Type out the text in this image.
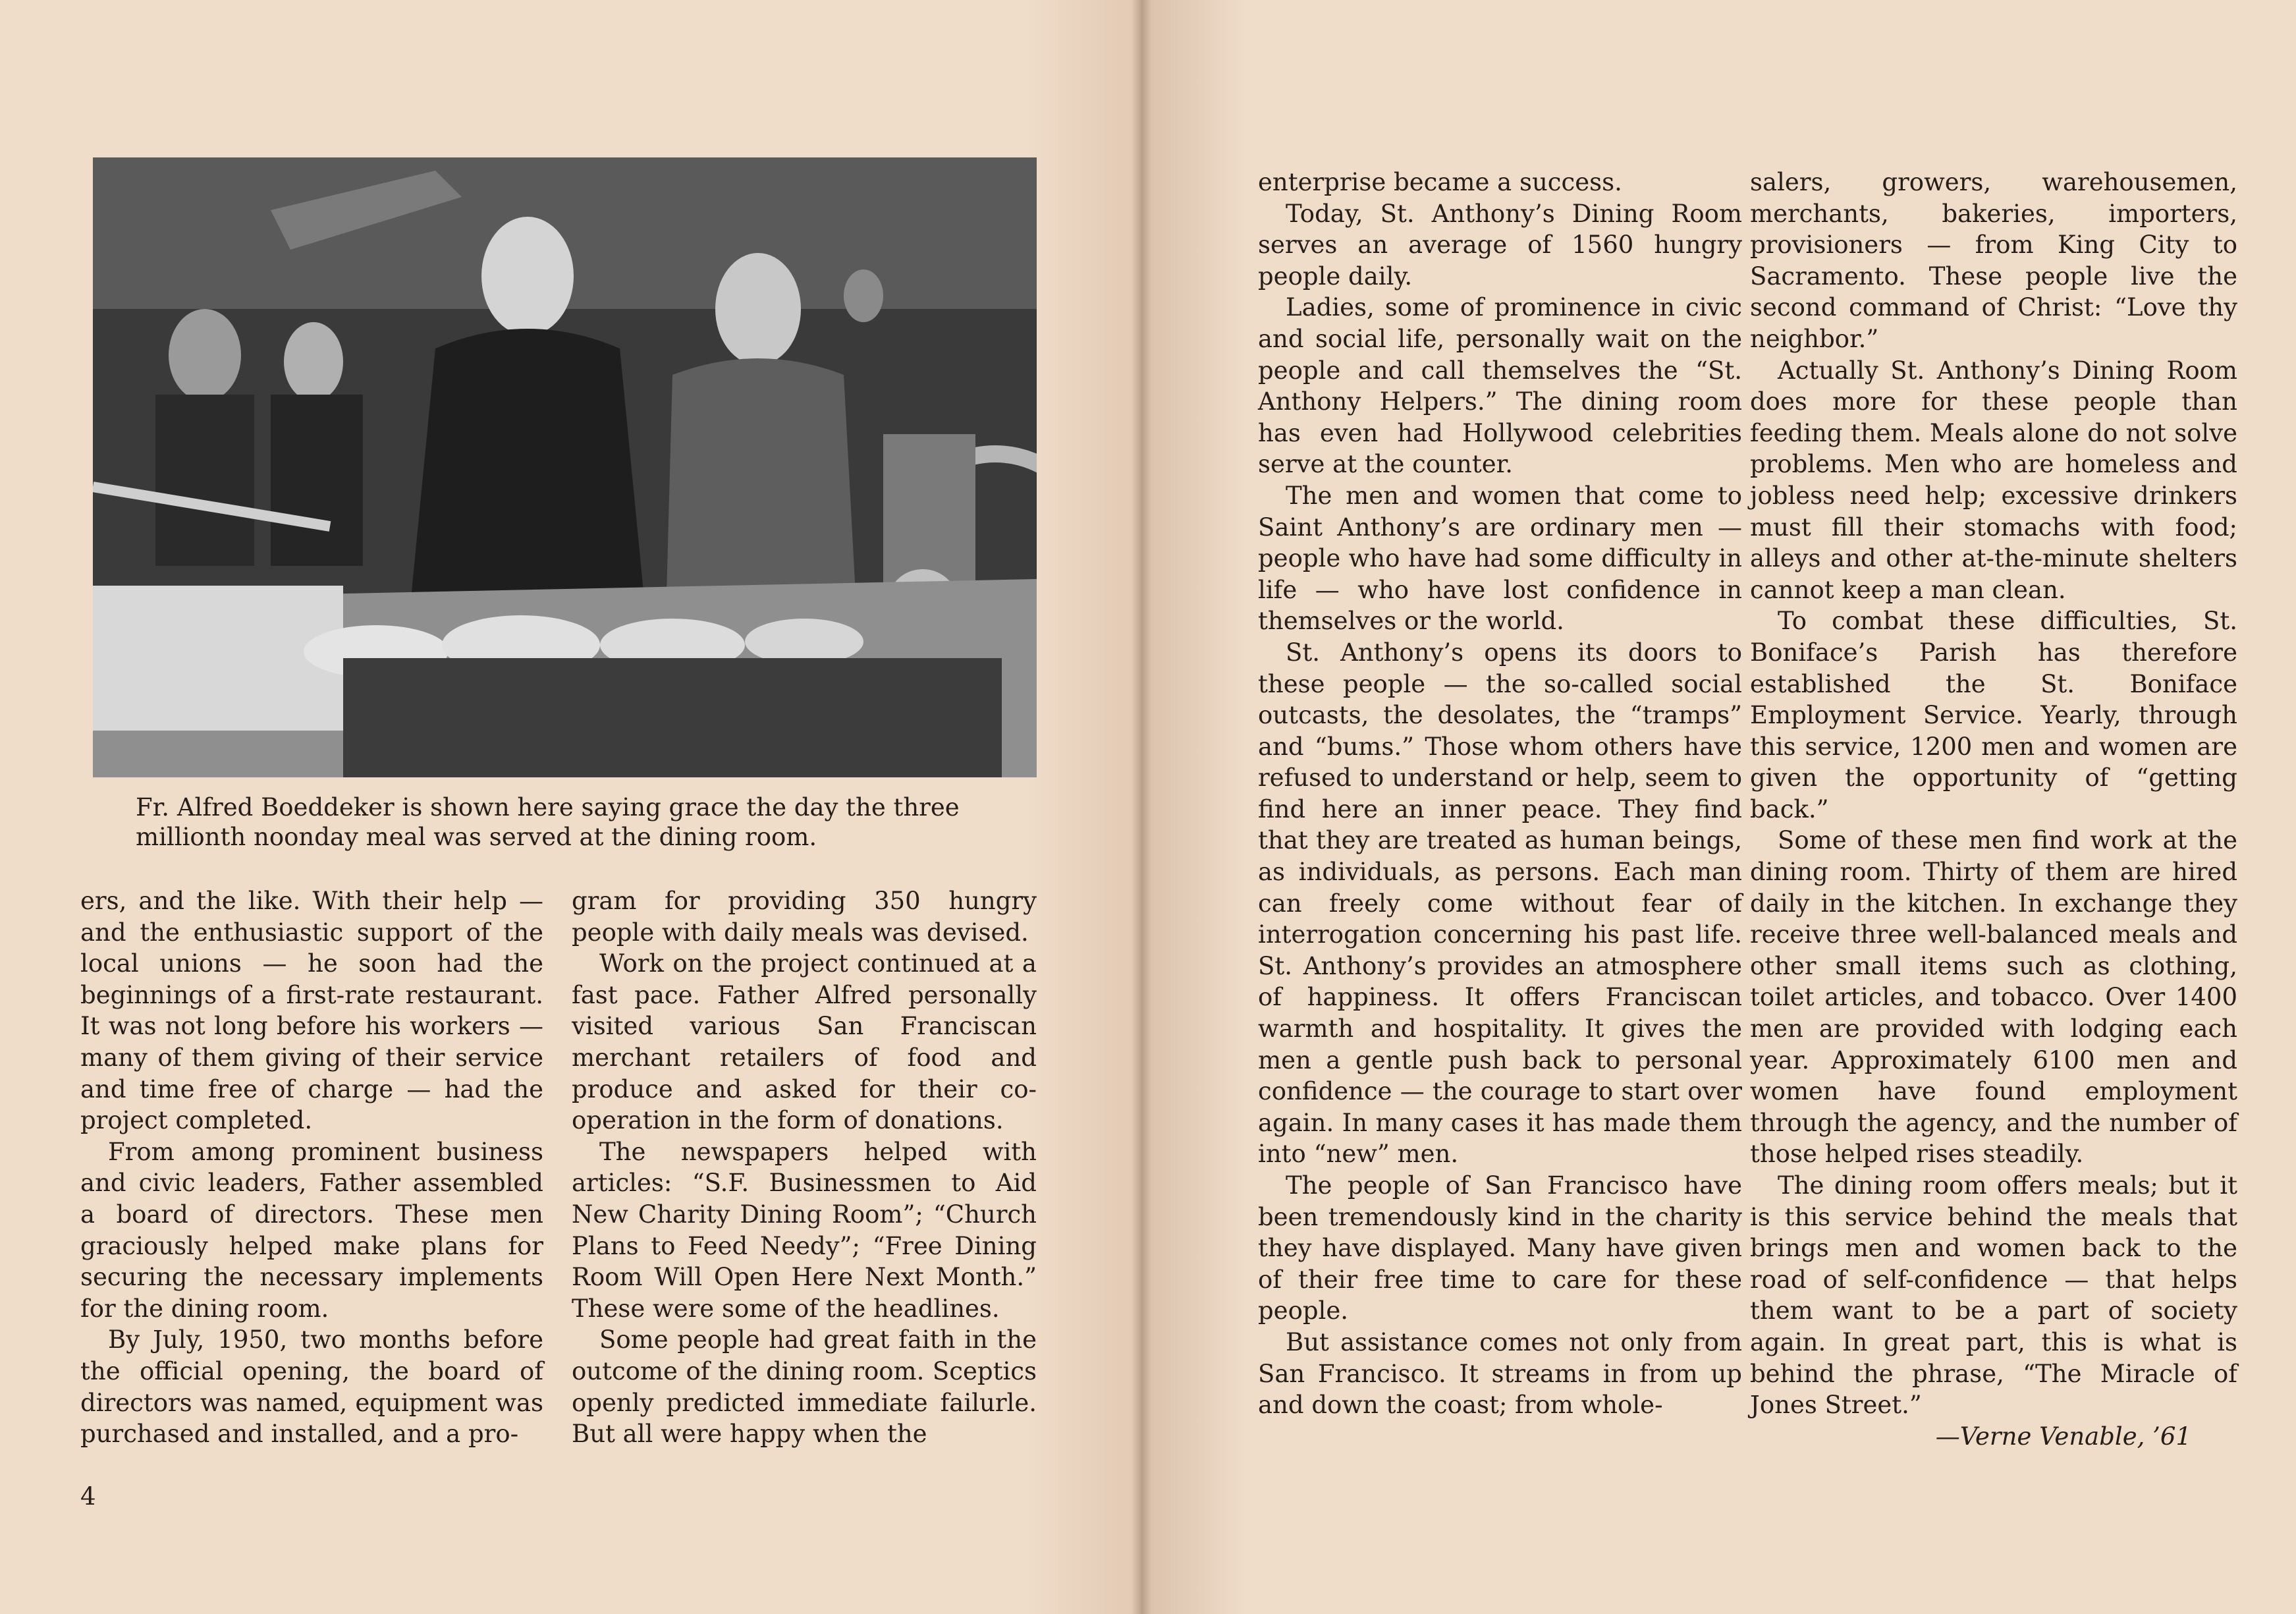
Fr. Alfred Boeddeker is shown here saying grace the day the three millionth noonday meal was served at the dining room.

ers, and the like. With their help — and the enthusiastic support of the local unions — he soon had the beginnings of a first-rate restaurant. It was not long before his workers — many of them giving of their service and time free of charge — had the project completed.

From among prominent business and civic leaders, Father assembled a board of directors. These men graciously helped make plans for securing the necessary implements for the dining room.

By July, 1950, two months before the official opening, the board of directors was named, equipment was purchased and installed, and a pro-

gram for providing 350 hungry people with daily meals was devised.

Work on the project continued at a fast pace. Father Alfred personally visited various San Franciscan merchant retailers of food and produce and asked for their co-operation in the form of donations.

The newspapers helped with articles: “S.F. Businessmen to Aid New Charity Dining Room”; “Church Plans to Feed Needy”; “Free Dining Room Will Open Here Next Month.” These were some of the headlines.

Some people had great faith in the outcome of the dining room. Sceptics openly predicted immediate failurle. But all were happy when the

4

enterprise became a success.

Today, St. Anthony’s Dining Room serves an average of 1560 hungry people daily.

Ladies, some of prominence in civic and social life, personally wait on the people and call themselves the “St. Anthony Helpers.” The dining room has even had Hollywood celebrities serve at the counter.

The men and women that come to Saint Anthony’s are ordinary men — people who have had some difficulty in life — who have lost confidence in themselves or the world.

St. Anthony’s opens its doors to these people — the so-called social outcasts, the desolates, the “tramps” and “bums.” Those whom others have refused to understand or help, seem to find here an inner peace. They find that they are treated as human beings, as individuals, as persons. Each man can freely come without fear of interrogation concerning his past life. St. Anthony’s provides an atmosphere of happiness. It offers Franciscan warmth and hospitality. It gives the men a gentle push back to personal confidence — the courage to start over again. In many cases it has made them into “new” men.

The people of San Francisco have been tremendously kind in the charity they have displayed. Many have given of their free time to care for these people.

But assistance comes not only from San Francisco. It streams in from up and down the coast; from whole-

salers, growers, warehousemen, merchants, bakeries, importers, provisioners — from King City to Sacramento. These people live the second command of Christ: “Love thy neighbor.”

Actually St. Anthony’s Dining Room does more for these people than feeding them. Meals alone do not solve problems. Men who are homeless and jobless need help; excessive drinkers must fill their stomachs with food; alleys and other at-the-minute shelters cannot keep a man clean.

To combat these difficulties, St. Boniface’s Parish has therefore established the St. Boniface Employment Service. Yearly, through this service, 1200 men and women are given the opportunity of “getting back.”

Some of these men find work at the dining room. Thirty of them are hired daily in the kitchen. In exchange they receive three well-balanced meals and other small items such as clothing, toilet articles, and tobacco. Over 1400 men are provided with lodging each year. Approximately 6100 men and women have found employment through the agency, and the number of those helped rises steadily.

The dining room offers meals; but it is this service behind the meals that brings men and women back to the road of self-confidence — that helps them want to be a part of society again. In great part, this is what is behind the phrase, “The Miracle of Jones Street.”

—Verne Venable, ’61
